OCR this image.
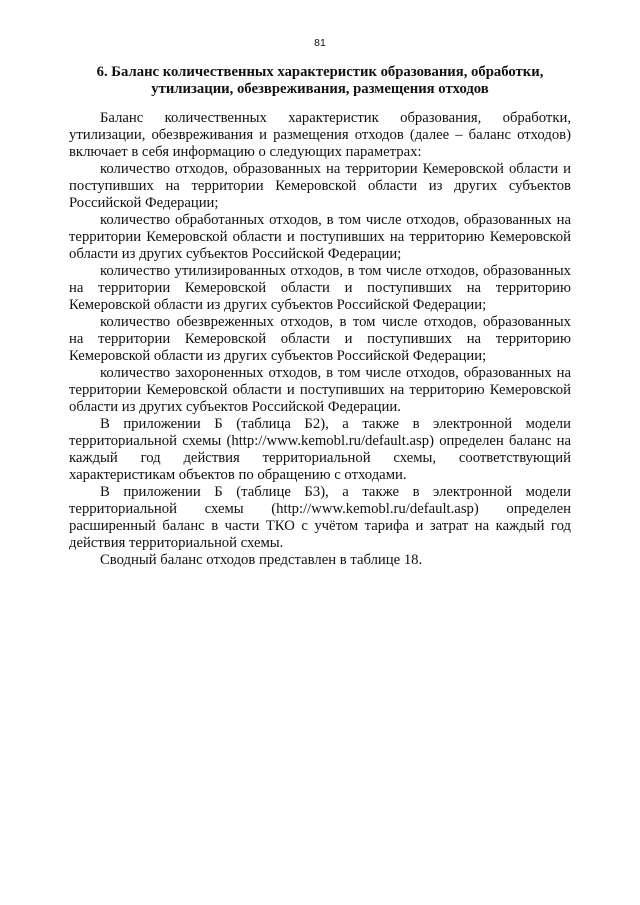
81
6. Баланс количественных характеристик образования, обработки,
утилизации, обезвреживания, размещения отходов
Баланс количественных характеристик образования, обработки,
утилизации, обезвреживания и размещения отходов (далее – баланс отходов)
включает в себя информацию о следующих параметрах:
количество отходов, образованных на территории Кемеровской области и
поступивших на территории Кемеровской области из других субъектов
Российской Федерации;
количество обработанных отходов, в том числе отходов, образованных на
территории Кемеровской области и поступивших на территорию Кемеровской
области из других субъектов Российской Федерации;
количество утилизированных отходов, в том числе отходов, образованных
на территории Кемеровской области и поступивших на территорию
Кемеровской области из других субъектов Российской Федерации;
количество обезвреженных отходов, в том числе отходов, образованных
на территории Кемеровской области и поступивших на территорию
Кемеровской области из других субъектов Российской Федерации;
количество захороненных отходов, в том числе отходов, образованных на
территории Кемеровской области и поступивших на территорию Кемеровской
области из других субъектов Российской Федерации.
В приложении Б (таблица Б2), а также в электронной модели
территориальной схемы (http://www.kemobl.ru/default.asp) определен баланс на
каждый год действия территориальной схемы, соответствующий
характеристикам объектов по обращению с отходами.
В приложении Б (таблице Б3), а также в электронной модели
территориальной схемы (http://www.kemobl.ru/default.asp) определен
расширенный баланс в части ТКО с учётом тарифа и затрат на каждый год
действия территориальной схемы.
Сводный баланс отходов представлен в таблице 18.
